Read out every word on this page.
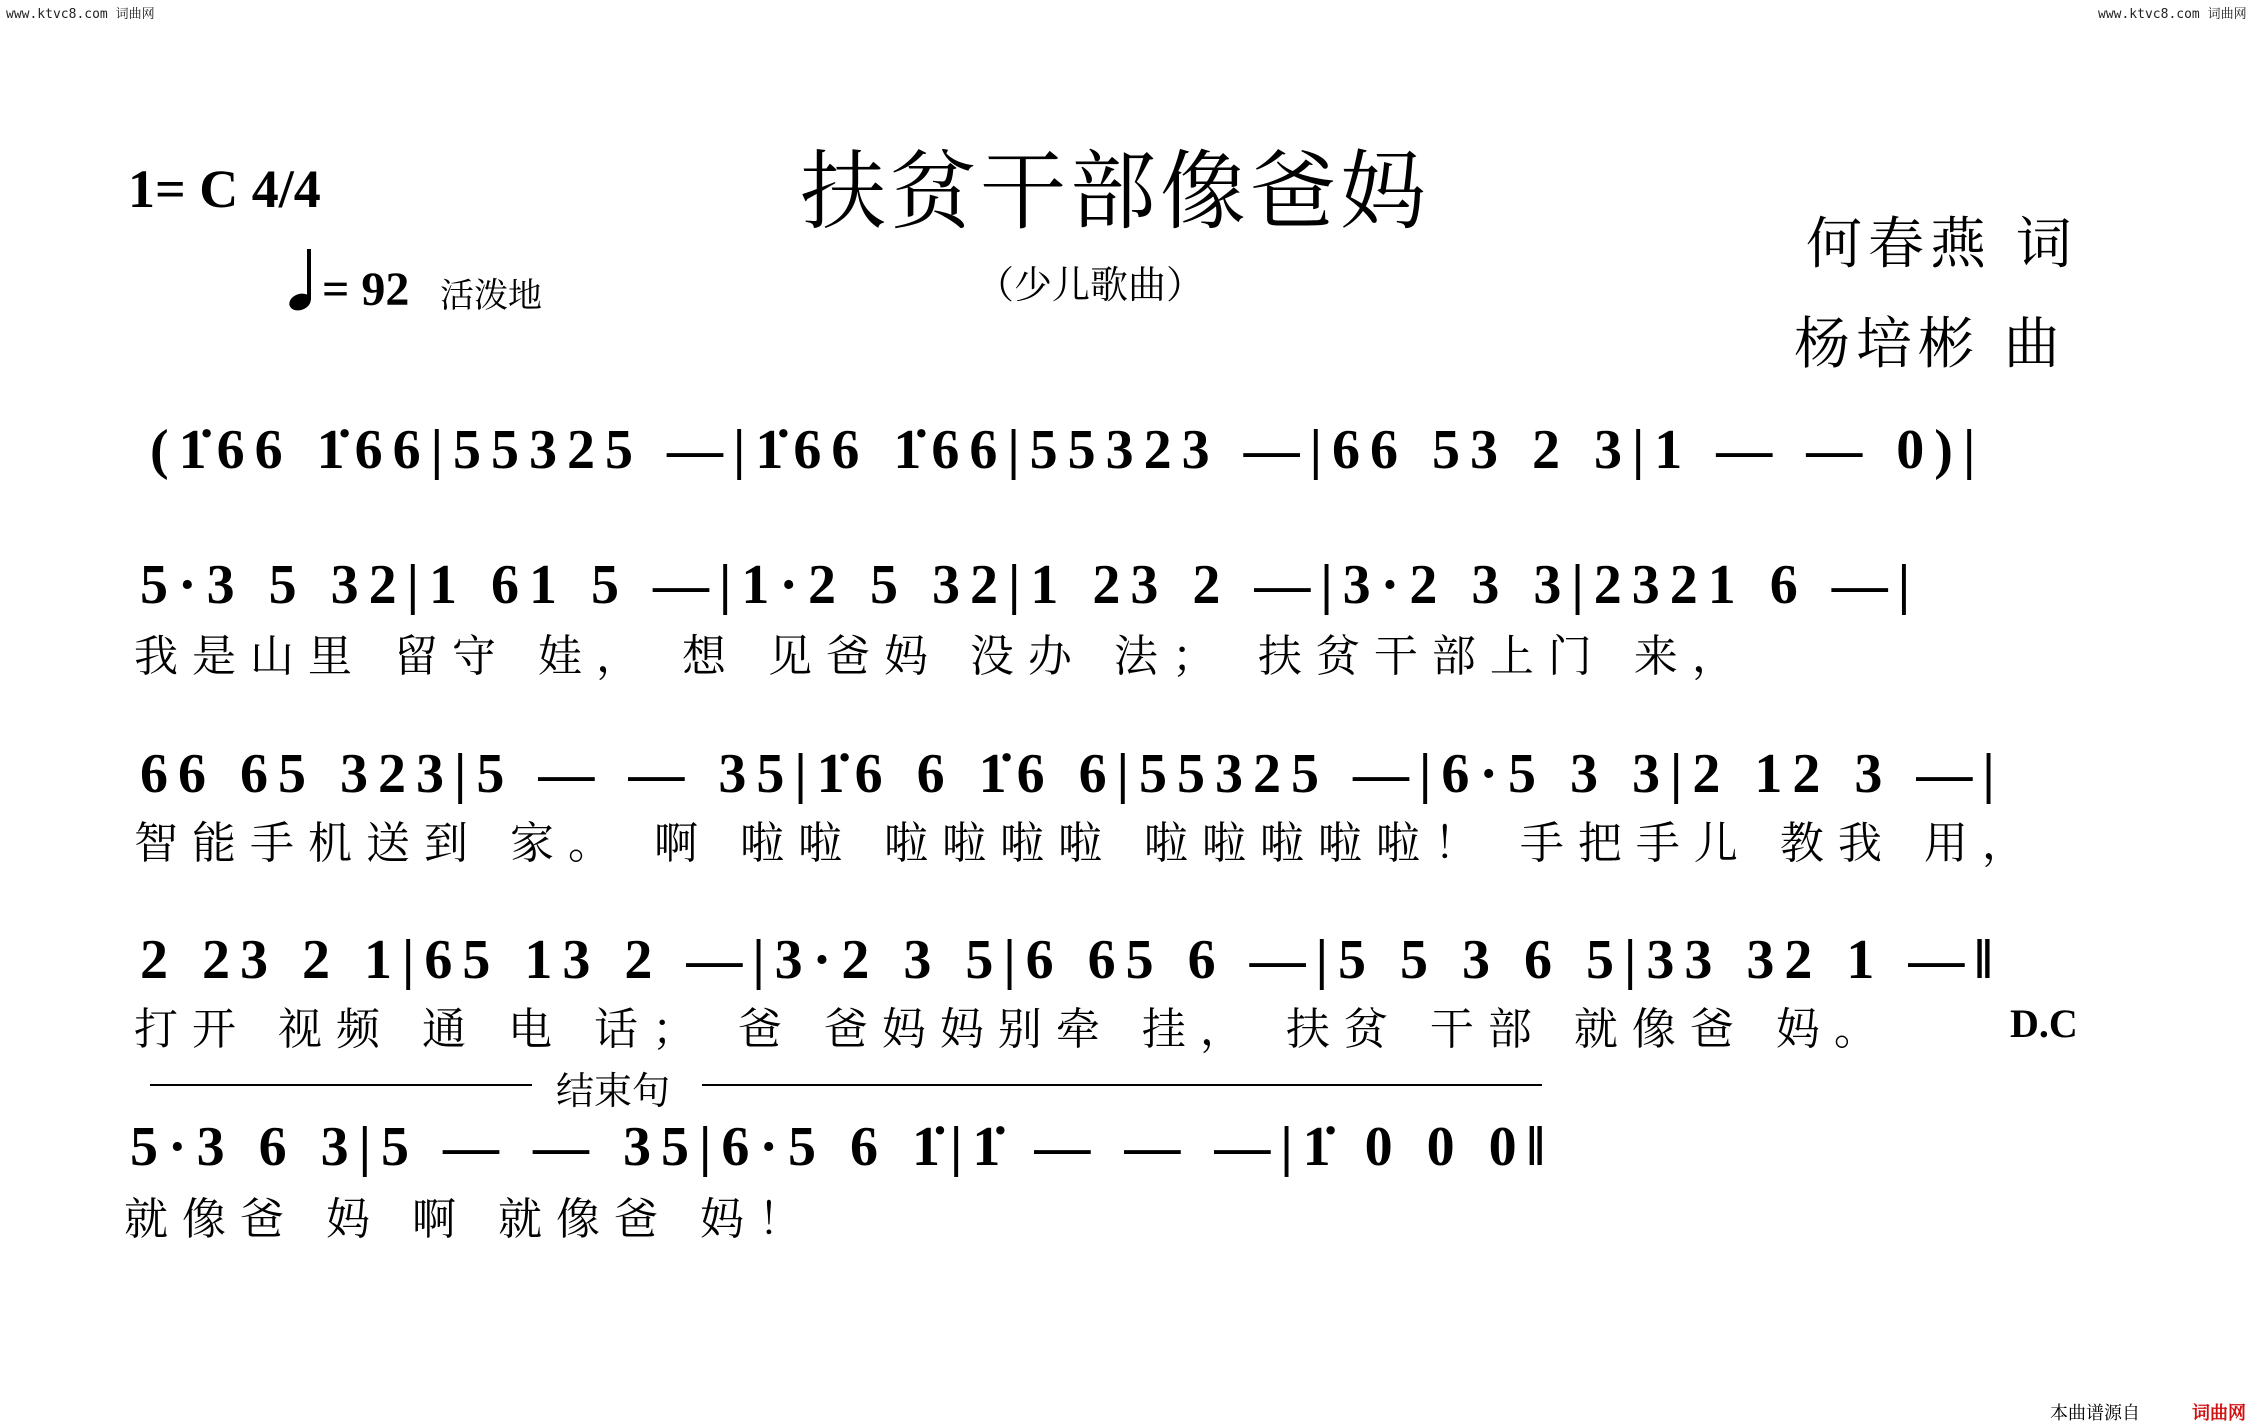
www.ktvc8.com 词曲网	www.ktvc8.com 词曲网
1= C 4/4	扶贫干部像爸妈
（少儿歌曲）
= 92 活泼地
何春燕 词
杨培彬 曲
(1̇66 1̇66|55325 —|1̇66 1̇66|55323 —|66 53 2 3|1 — — 0)|
5·3 5 32|1 61 5 —|1·2 5 32|1 23 2 —|3·2 3 3|2321 6 —|
我是山里 留守 娃， 想 见爸妈 没办 法； 扶贫干部上门 来，
66 65 323|5 — — 35|1̇6 6 1̇6 6|55325 —|6·5 3 3|2 12 3 —|
智能手机送到 家。 啊 啦啦 啦啦啦啦 啦啦啦啦啦！ 手把手儿 教我 用，
2 23 2 1|65 13 2 —|3·2 3 5|6 65 6 —|5 5 3 6 5|33 32 1 —‖
打开 视频 通 电 话； 爸 爸妈妈别牵 挂， 扶贫 干部 就像爸 妈。	D.C
结束句
5·3 6 3|5 — — 35|6·5 6 1̇|1̇ — — —|1̇ 0 0 0‖
就像爸 妈 啊 就像爸 妈！
本曲谱源自	词曲网
